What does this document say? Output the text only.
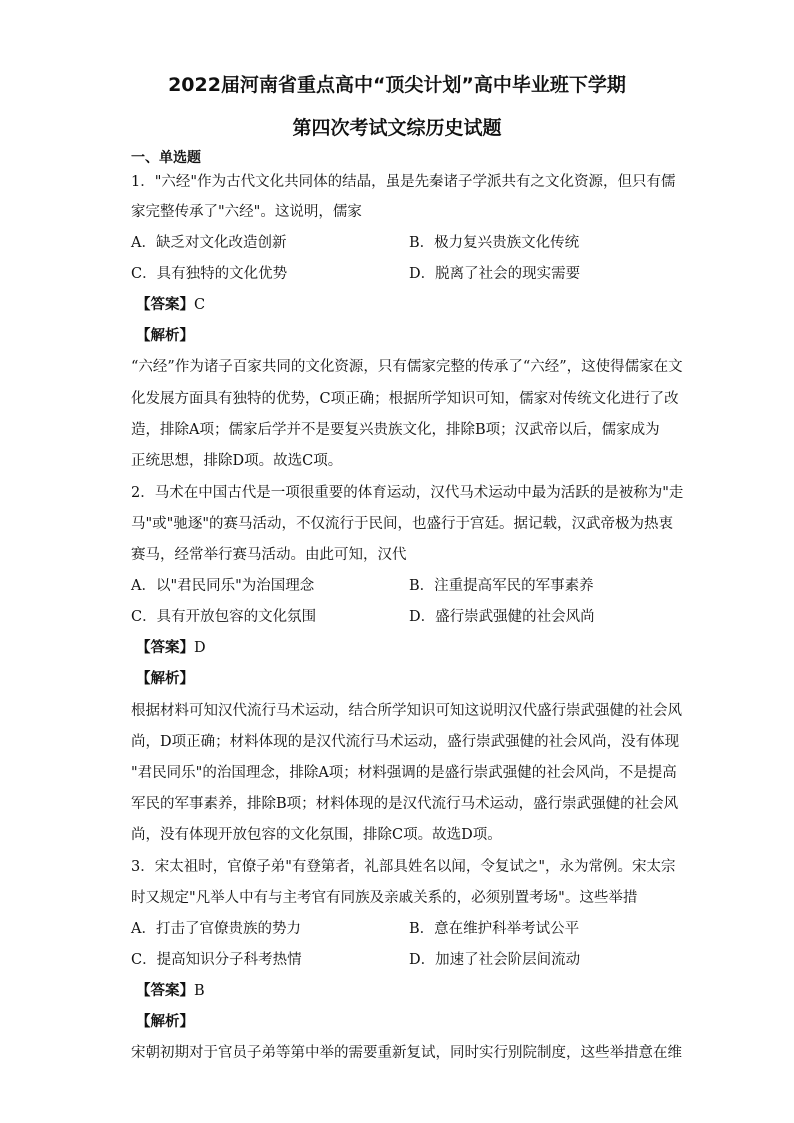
2022届河南省重点高中“顶尖计划”高中毕业班下学期
第四次考试文综历史试题
一、单选题
1．"六经"作为古代文化共同体的结晶，虽是先秦诸子学派共有之文化资源，但只有儒
家完整传承了"六经"。这说明，儒家
A．缺乏对文化改造创新	B．极力复兴贵族文化传统
C．具有独特的文化优势	D．脱离了社会的现实需要
【答案】C
【解析】
“六经”作为诸子百家共同的文化资源，只有儒家完整的传承了“六经”，这使得儒家在文
化发展方面具有独特的优势，C项正确；根据所学知识可知，儒家对传统文化进行了改
造，排除A项；儒家后学并不是要复兴贵族文化，排除B项；汉武帝以后，儒家成为
正统思想，排除D项。故选C项。
2．马术在中国古代是一项很重要的体育运动，汉代马术运动中最为活跃的是被称为"走
马"或"驰逐"的赛马活动，不仅流行于民间，也盛行于宫廷。据记载，汉武帝极为热衷
赛马，经常举行赛马活动。由此可知，汉代
A．以"君民同乐"为治国理念	B．注重提高军民的军事素养
C．具有开放包容的文化氛围	D．盛行崇武强健的社会风尚
【答案】D
【解析】
根据材料可知汉代流行马术运动，结合所学知识可知这说明汉代盛行崇武强健的社会风
尚，D项正确；材料体现的是汉代流行马术运动，盛行崇武强健的社会风尚，没有体现
"君民同乐"的治国理念，排除A项；材料强调的是盛行崇武强健的社会风尚，不是提高
军民的军事素养，排除B项；材料体现的是汉代流行马术运动，盛行崇武强健的社会风
尚，没有体现开放包容的文化氛围，排除C项。故选D项。
3．宋太祖时，官僚子弟"有登第者，礼部具姓名以闻，令复试之"，永为常例。宋太宗
时又规定"凡举人中有与主考官有同族及亲戚关系的，必须别置考场"。这些举措
A．打击了官僚贵族的势力	B．意在维护科举考试公平
C．提高知识分子科考热情	D．加速了社会阶层间流动
【答案】B
【解析】
宋朝初期对于官员子弟等第中举的需要重新复试，同时实行别院制度，这些举措意在维
